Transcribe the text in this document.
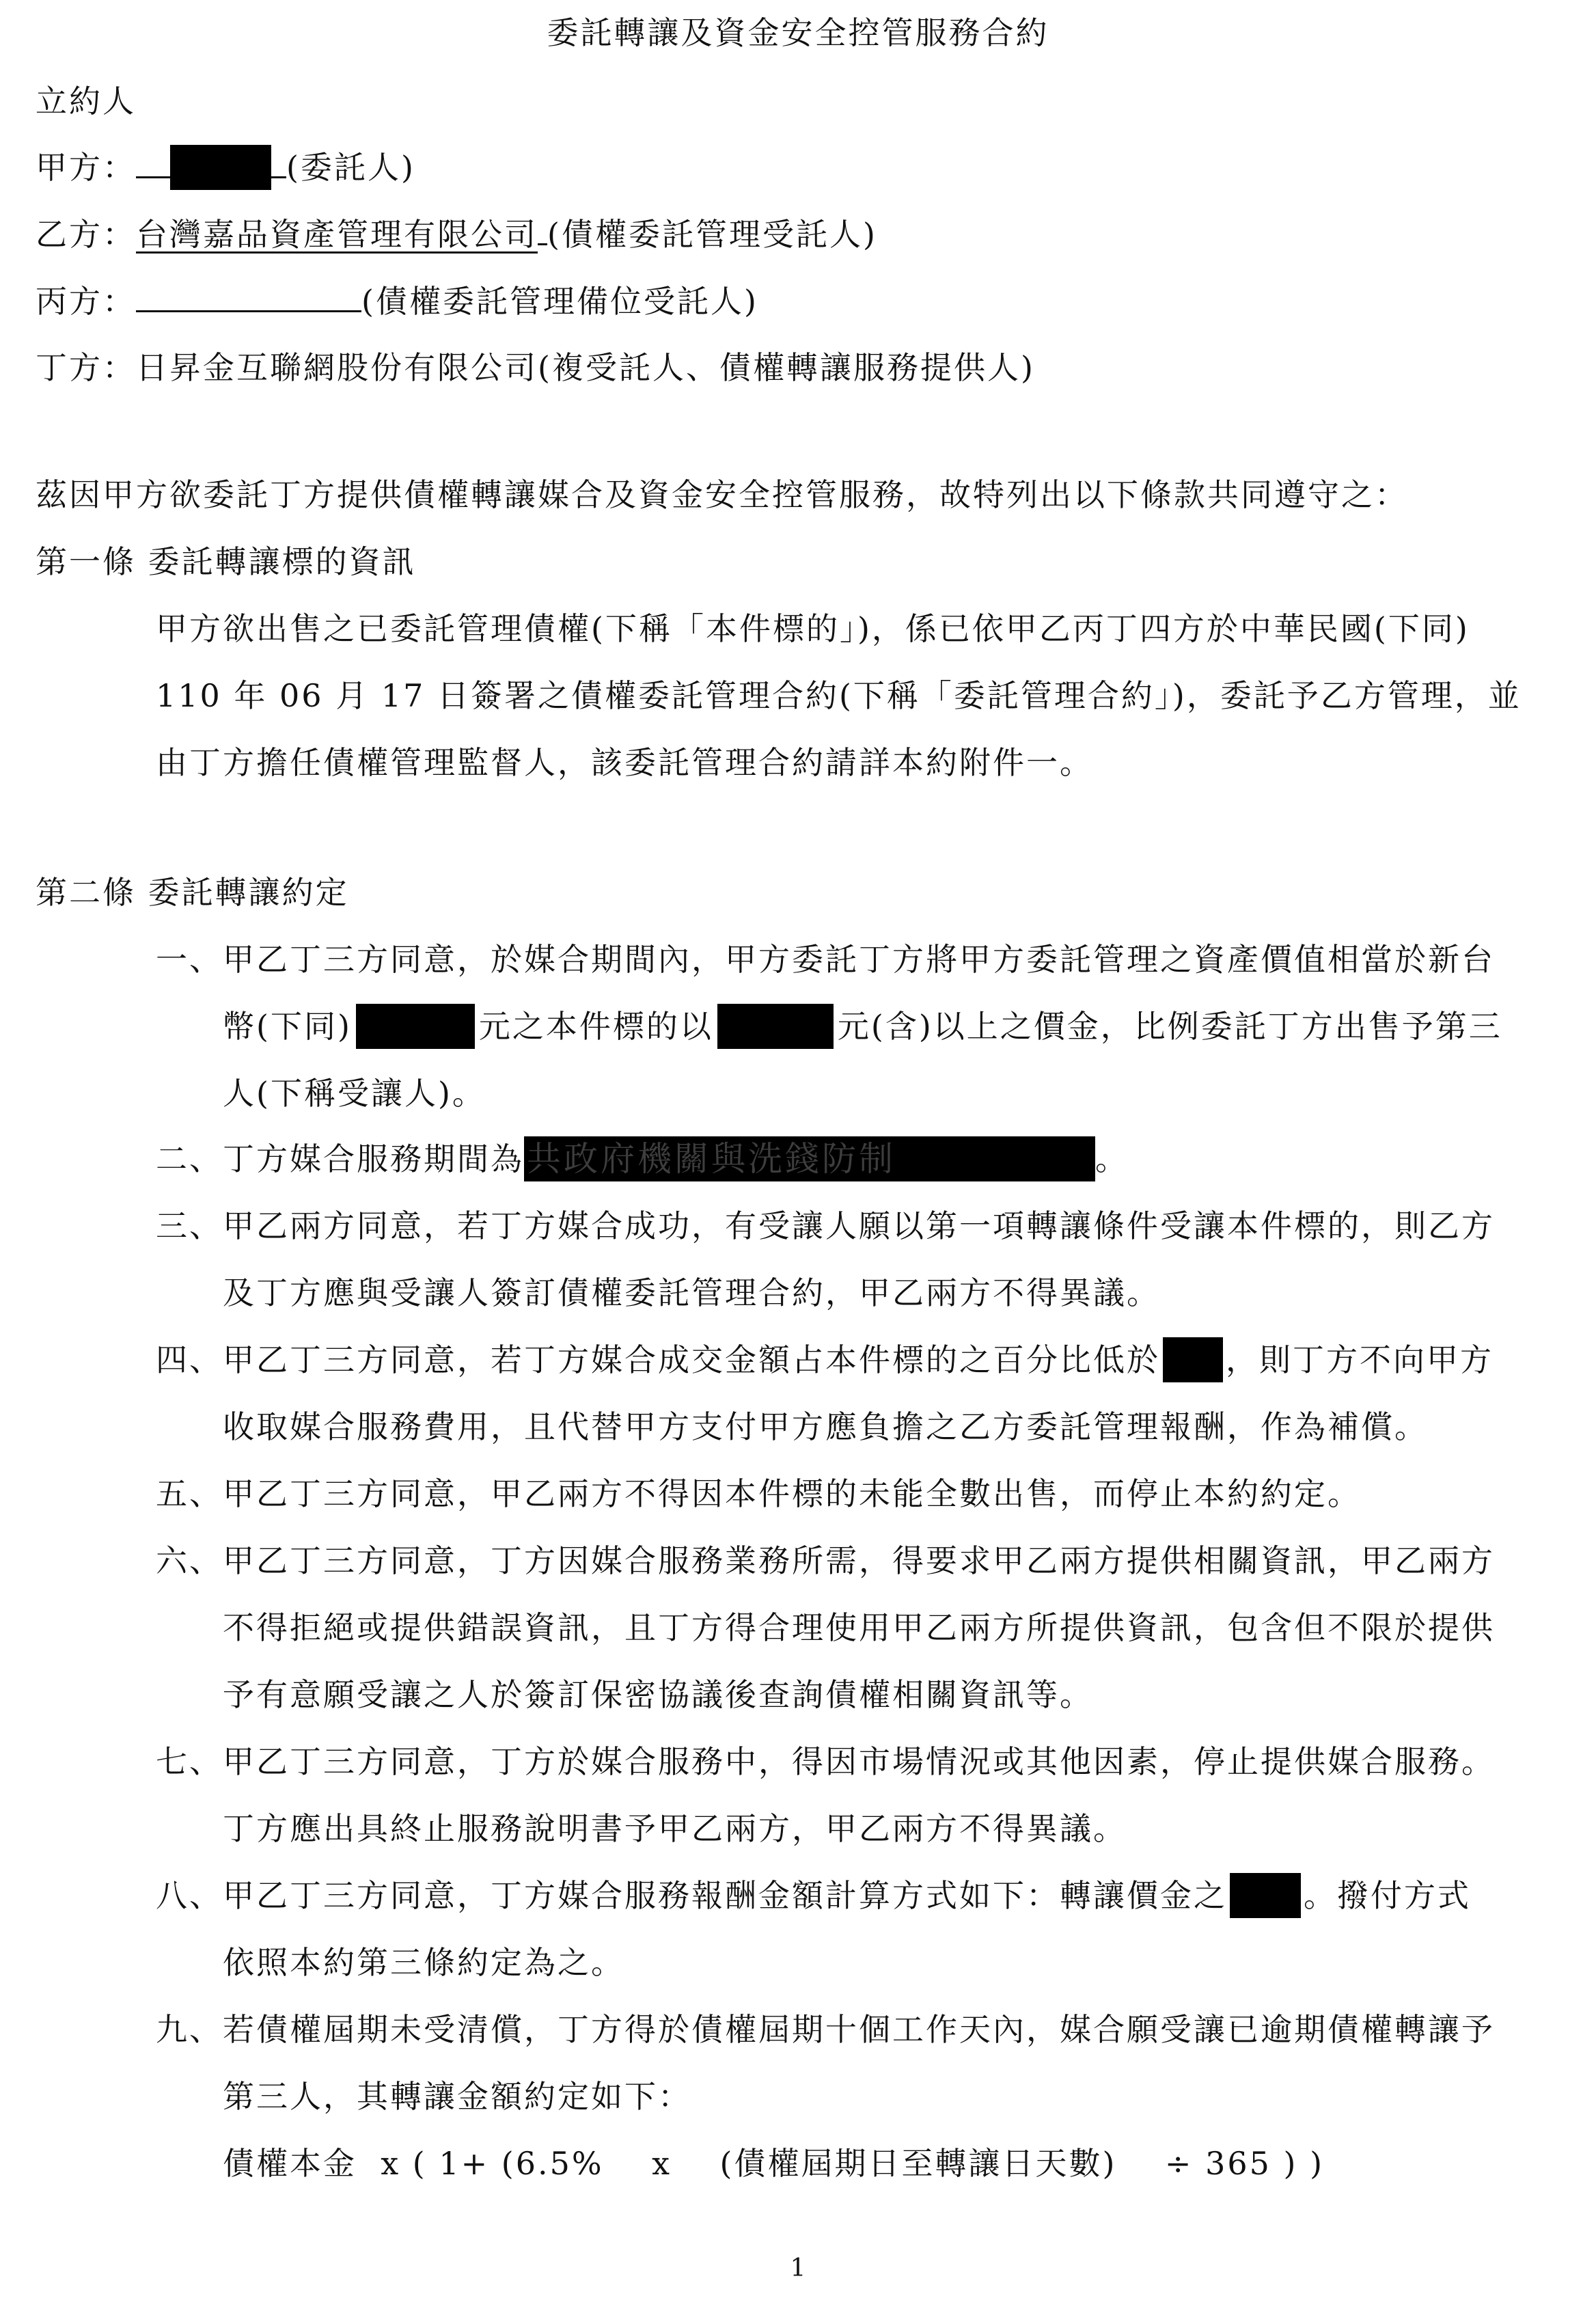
委託轉讓及資金安全控管服務合約
立約人
甲方：	(委託人)
乙方：台灣嘉品資產管理有限公司 (債權委託管理受託人)
丙方：	(債權委託管理備位受託人)
丁方：日昇金互聯網股份有限公司(複受託人、債權轉讓服務提供人)
茲因甲方欲委託丁方提供債權轉讓媒合及資金安全控管服務，故特列出以下條款共同遵守之：
第一條 委託轉讓標的資訊
甲方欲出售之已委託管理債權(下稱「本件標的」)，係已依甲乙丙丁四方於中華民國(下同)
110 年 06 月 17 日簽署之債權委託管理合約(下稱「委託管理合約」)，委託予乙方管理，並
由丁方擔任債權管理監督人，該委託管理合約請詳本約附件一。
第二條 委託轉讓約定
一、甲乙丁三方同意，於媒合期間內，甲方委託丁方將甲方委託管理之資產價值相當於新台
幣(下同)	元之本件標的以	元(含)以上之價金，比例委託丁方出售予第三
人(下稱受讓人)。
二、丁方媒合服務期間為共政府機關與洗錢防制	。
三、甲乙兩方同意，若丁方媒合成功，有受讓人願以第一項轉讓條件受讓本件標的，則乙方
及丁方應與受讓人簽訂債權委託管理合約，甲乙兩方不得異議。
四、甲乙丁三方同意，若丁方媒合成交金額占本件標的之百分比低於 ，則丁方不向甲方
收取媒合服務費用，且代替甲方支付甲方應負擔之乙方委託管理報酬，作為補償。
五、甲乙丁三方同意，甲乙兩方不得因本件標的未能全數出售，而停止本約約定。
六、甲乙丁三方同意，丁方因媒合服務業務所需，得要求甲乙兩方提供相關資訊，甲乙兩方
不得拒絕或提供錯誤資訊，且丁方得合理使用甲乙兩方所提供資訊，包含但不限於提供
予有意願受讓之人於簽訂保密協議後查詢債權相關資訊等。
七、甲乙丁三方同意，丁方於媒合服務中，得因市場情況或其他因素，停止提供媒合服務。
丁方應出具終止服務說明書予甲乙兩方，甲乙兩方不得異議。
八、甲乙丁三方同意，丁方媒合服務報酬金額計算方式如下：轉讓價金之 。撥付方式
依照本約第三條約定為之。
九、若債權屆期未受清償，丁方得於債權屆期十個工作天內，媒合願受讓已逾期債權轉讓予
第三人，其轉讓金額約定如下：
債權本金  x ( 1+ (6.5%    x    (債權屆期日至轉讓日天數)    ÷ 365 ) )
1
